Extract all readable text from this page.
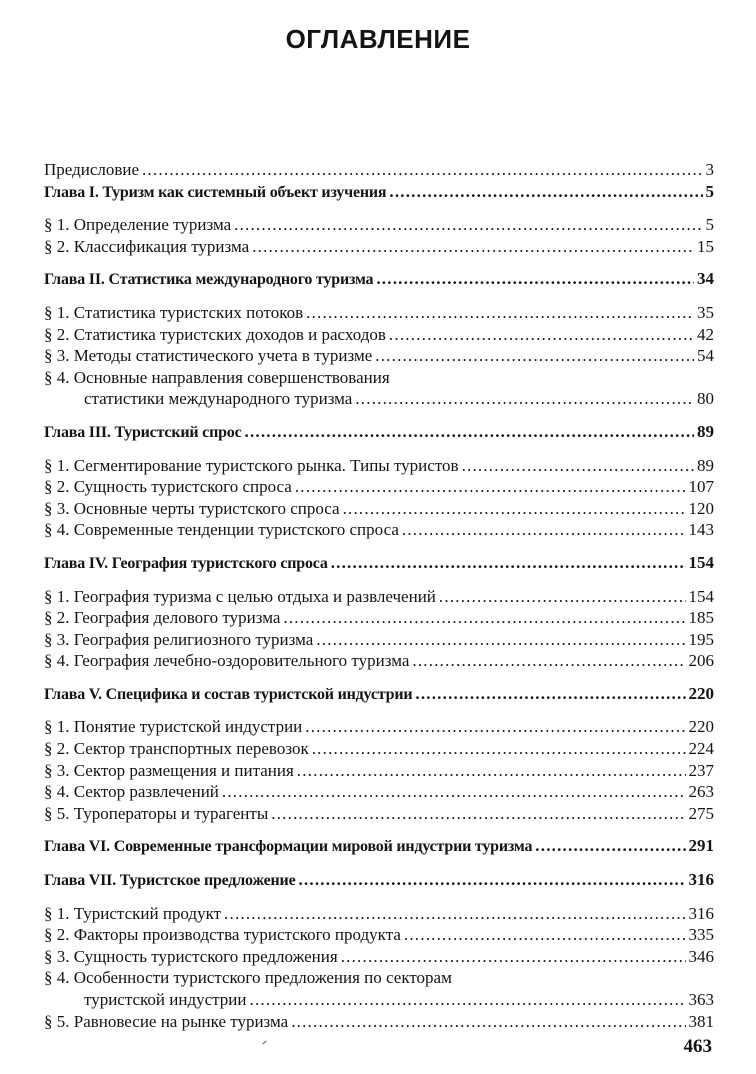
ОГЛАВЛЕНИЕ
Предисловие .....	3
Глава I. Туризм как системный объект изучения .....	5
§ 1. Определение туризма .....	5
§ 2. Классификация туризма .....	15
Глава II. Статистика международного туризма .....	34
§ 1. Статистика туристских потоков .....	35
§ 2. Статистика туристских доходов и расходов .....	42
§ 3. Методы статистического учета в туризме .....	54
§ 4. Основные направления совершенствования
статистики международного туризма .....	80
Глава III. Туристский спрос .....	89
§ 1. Сегментирование туристского рынка. Типы туристов .....	89
§ 2. Сущность туристского спроса .....	107
§ 3. Основные черты туристского спроса .....	120
§ 4. Современные тенденции туристского спроса .....	143
Глава IV. География туристского спроса .....	154
§ 1. География туризма с целью отдыха и развлечений .....	154
§ 2. География делового туризма .....	185
§ 3. География религиозного туризма .....	195
§ 4. География лечебно-оздоровительного туризма .....	206
Глава V. Специфика и состав туристской индустрии .....	220
§ 1. Понятие туристской индустрии .....	220
§ 2. Сектор транспортных перевозок .....	224
§ 3. Сектор размещения и питания .....	237
§ 4. Сектор развлечений .....	263
§ 5. Туроператоры и турагенты .....	275
Глава VI. Современные трансформации мировой индустрии туризма .....	291
Глава VII. Туристское предложение .....	316
§ 1. Туристский продукт .....	316
§ 2. Факторы производства туристского продукта .....	335
§ 3. Сущность туристского предложения .....	346
§ 4. Особенности туристского предложения по секторам
туристской индустрии .....	363
§ 5. Равновесие на рынке туризма .....	381
463
